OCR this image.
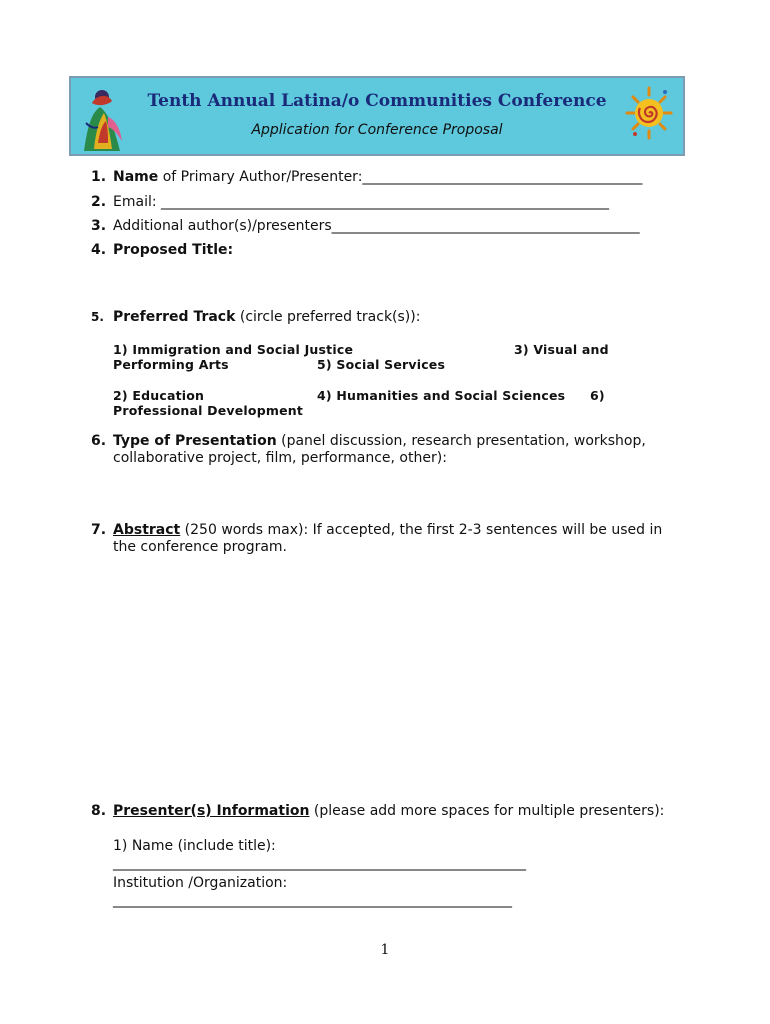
Tenth Annual Latina/o Communities Conference
Application for Conference Proposal
1. Name of Primary Author/Presenter:________________________________________
2. Email: ________________________________________________________________
3. Additional author(s)/presenters____________________________________________
4. Proposed Title:
5. Preferred Track (circle preferred track(s)):
1) Immigration and Social Justice	3) Visual and
Performing Arts	5) Social Services
2) Education	4) Humanities and Social Sciences 6)
Professional Development
6. Type of Presentation (panel discussion, research presentation, workshop,
collaborative project, film, performance, other):
7. Abstract (250 words max): If accepted, the first 2-3 sentences will be used in
the conference program.
8. Presenter(s) Information (please add more spaces for multiple presenters):
1) Name (include title):
___________________________________________________________
Institution /Organization:
_________________________________________________________
1
